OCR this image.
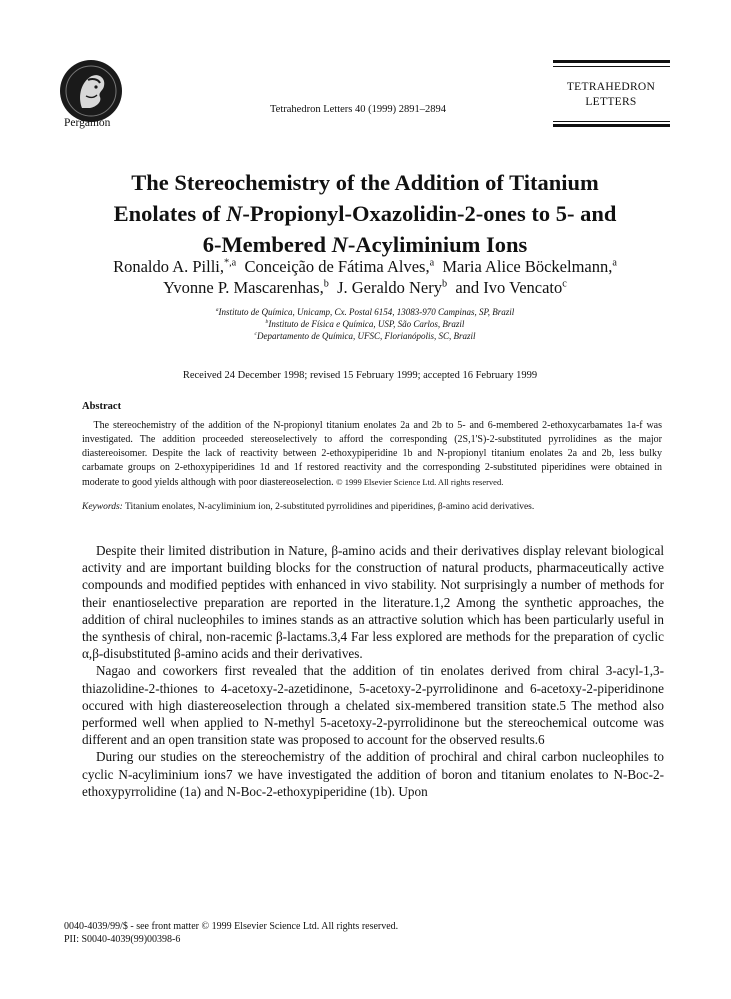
Pergamon
Tetrahedron Letters 40 (1999) 2891–2894
TETRAHEDRON
LETTERS
The Stereochemistry of the Addition of Titanium
Enolates of N-Propionyl-Oxazolidin-2-ones to 5- and
6-Membered N-Acyliminium Ions
Ronaldo A. Pilli,$^{*,a}$ Conceição de Fátima Alves,$^a$ Maria Alice Böckelmann,$^a$
Yvonne P. Mascarenhas,$^b$ J. Geraldo Nery$^b$ and Ivo Vencato$^c$
$^a$Instituto de Química, Unicamp, Cx. Postal 6154, 13083-970 Campinas, SP, Brazil
$^b$Instituto de Física e Química, USP, São Carlos, Brazil
$^c$Departamento de Química, UFSC, Florianópolis, SC, Brazil
Received 24 December 1998; revised 15 February 1999; accepted 16 February 1999
Abstract
The stereochemistry of the addition of the N-propionyl titanium enolates 2a and 2b to 5- and 6-membered 2-ethoxycarbamates 1a-f was investigated. The addition proceeded stereoselectively to afford the corresponding (2S,1'S)-2-substituted pyrrolidines as the major diastereoisomer. Despite the lack of reactivity between 2-ethoxypiperidine 1b and N-propionyl titanium enolates 2a and 2b, less bulky carbamate groups on 2-ethoxypiperidines 1d and 1f restored reactivity and the corresponding 2-substituted piperidines were obtained in moderate to good yields although with poor diastereoselection. © 1999 Elsevier Science Ltd. All rights reserved.
Keywords: Titanium enolates, N-acyliminium ion, 2-substituted pyrrolidines and piperidines, β-amino acid derivatives.

Despite their limited distribution in Nature, β-amino acids and their derivatives display relevant biological activity and are important building blocks for the construction of natural products, pharmaceutically active compounds and modified peptides with enhanced in vivo stability. Not surprisingly a number of methods for their enantioselective preparation are reported in the literature.1,2 Among the synthetic approaches, the addition of chiral nucleophiles to imines stands as an attractive solution which has been particularly useful in the synthesis of chiral, non-racemic β-lactams.3,4 Far less explored are methods for the preparation of cyclic α,β-disubstituted β-amino acids and their derivatives.

Nagao and coworkers first revealed that the addition of tin enolates derived from chiral 3-acyl-1,3-thiazolidine-2-thiones to 4-acetoxy-2-azetidinone, 5-acetoxy-2-pyrrolidinone and 6-acetoxy-2-piperidinone occured with high diastereoselection through a chelated six-membered transition state.5 The method also performed well when applied to N-methyl 5-acetoxy-2-pyrrolidinone but the stereochemical outcome was different and an open transition state was proposed to account for the observed results.6

During our studies on the stereochemistry of the addition of prochiral and chiral carbon nucleophiles to cyclic N-acyliminium ions7 we have investigated the addition of boron and titanium enolates to N-Boc-2-ethoxypyrrolidine (1a) and N-Boc-2-ethoxypiperidine (1b). Upon

0040-4039/99/$ - see front matter © 1999 Elsevier Science Ltd. All rights reserved.
PII: S0040-4039(99)00398-6
